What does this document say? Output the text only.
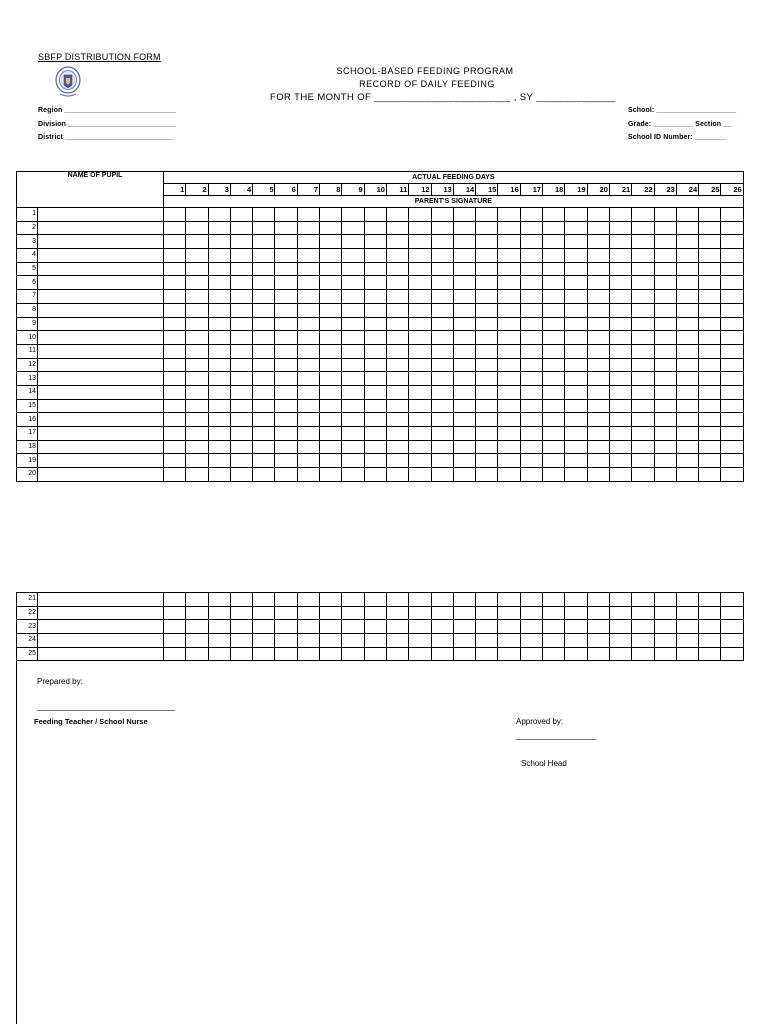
SBFP DISTRIBUTION FORM
SCHOOL-BASED FEEDING PROGRAM
RECORD OF DAILY FEEDING
FOR THE MONTH OF ________________________ , SY ______________
Region ____________________________
Division ___________________________
District ___________________________
School: ____________________
Grade: __________ Section __
School ID Number: ________
NAME OF PUPIL		ACTUAL FEEDING DAYS																									
		1	2	3	4	5	6	7	8	9	10	11	12	13	14	15	16	17	18	19	20	21	22	23	24	25	26
		PARENT'S SIGNATURE																									
1																											
2																											
3																											
4																											
5																											
6																											
7																											
8																											
9																											
10																											
11																											
12																											
13																											
14																											
15																											
16																											
17																											
18																											
19																											
20																											
21																											
22																											
23																											
24																											
25																											
Prepared by:
_______________________________
Feeding Teacher / School Nurse	Approved by:
__________________
School Head
